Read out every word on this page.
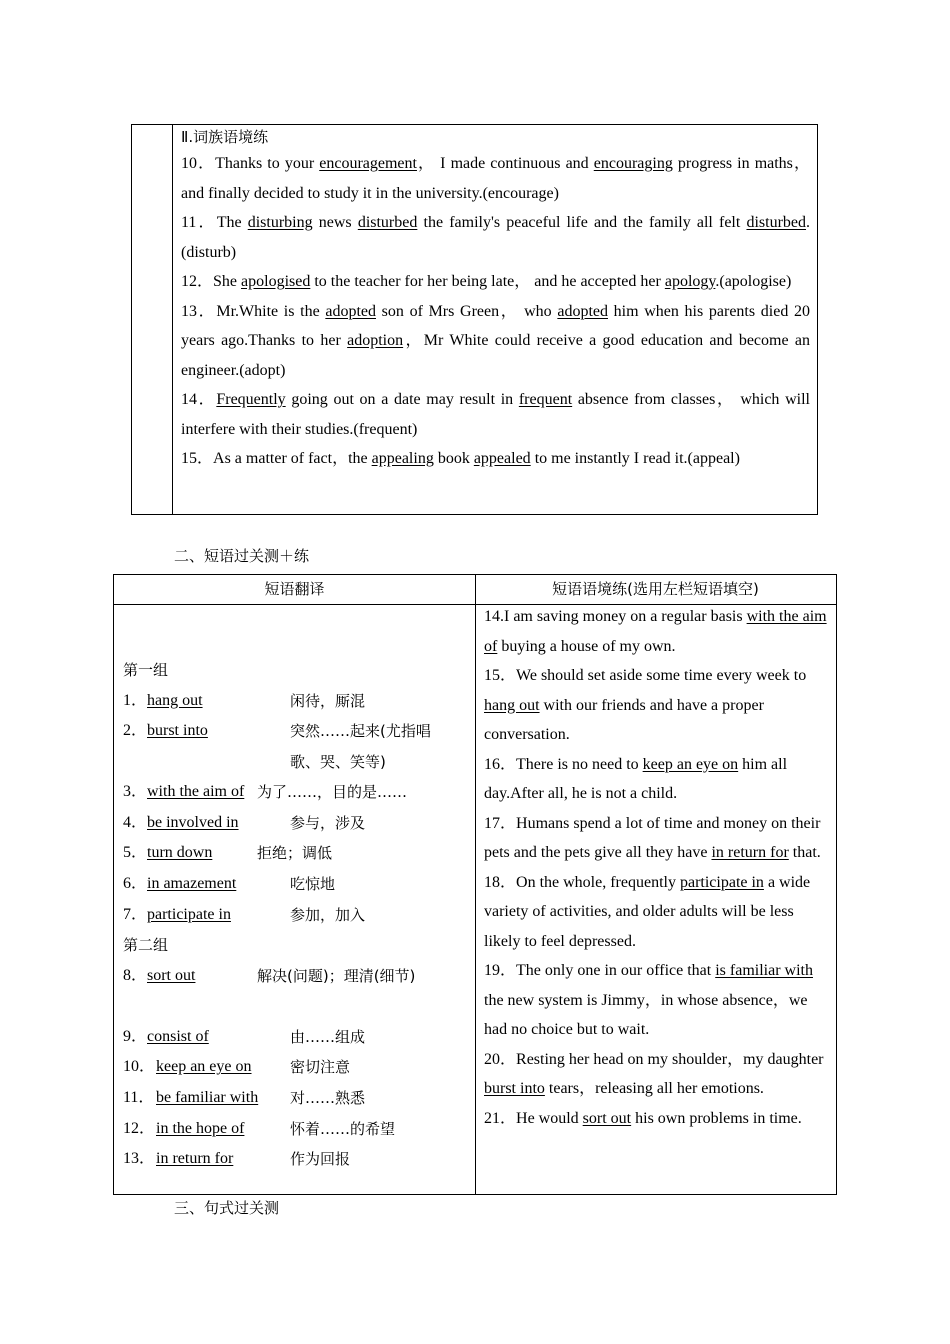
Ⅱ.词族语境练
10．Thanks to your encouragement， I made continuous and encouraging progress in maths， and finally decided to study it in the university.(encourage)
11．The disturbing news disturbed the family's peaceful life and the family all felt disturbed. (disturb)
12．She apologised to the teacher for her being late， and he accepted her apology.(apologise)
13．Mr.White is the adopted son of Mrs Green， who adopted him when his parents died 20 years ago.Thanks to her adoption，Mr White could receive a good education and become an engineer.(adopt)
14．Frequently going out on a date may result in frequent absence from classes， which will interfere with their studies.(frequent)
15．As a matter of fact，the appealing book appealed to me instantly I read it.(appeal)
二、短语过关测＋练
短语翻译	短语语境练(选用左栏短语填空)
第一组
1． hang out	闲待，厮混
2． burst into	突然……起来(尤指唱歌、哭、笑等)
3． with the aim of 为了……，目的是……
4． be involved in	参与，涉及
5． turn down	拒绝；调低
6． in amazement	吃惊地
7． participate in	参加，加入
第二组
8． sort out	解决(问题)；理清(细节)
9． consist of	由……组成
10． keep an eye on	密切注意
11． be familiar with 对……熟悉
12． in the hope of	怀着……的希望
13． in return for	作为回报
14.I am saving money on a regular basis with the aim of buying a house of my own.
15．We should set aside some time every week to hang out with our friends and have a proper conversation.
16．There is no need to keep an eye on him all day.After all, he is not a child.
17．Humans spend a lot of time and money on their pets and the pets give all they have in return for that.
18．On the whole, frequently participate in a wide variety of activities, and older adults will be less likely to feel depressed.
19．The only one in our office that is familiar with the new system is Jimmy，in whose absence，we had no choice but to wait.
20．Resting her head on my shoulder，my daughter burst into tears，releasing all her emotions.
21．He would sort out his own problems in time.
三、句式过关测
